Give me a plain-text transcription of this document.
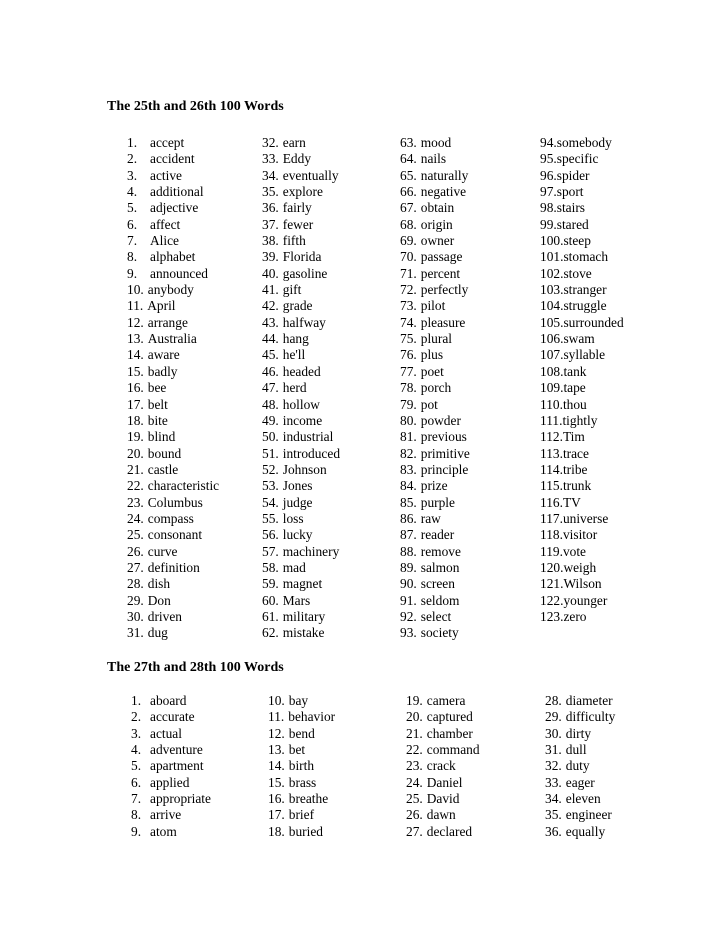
The 25th and 26th 100 Words
1. accept
2. accident
3. active
4. additional
5. adjective
6. affect
7. Alice
8. alphabet
9. announced
10. anybody
11. April
12. arrange
13. Australia
14. aware
15. badly
16. bee
17. belt
18. bite
19. blind
20. bound
21. castle
22. characteristic
23. Columbus
24. compass
25. consonant
26. curve
27. definition
28. dish
29. Don
30. driven
31. dug
32. earn
33. Eddy
34. eventually
35. explore
36. fairly
37. fewer
38. fifth
39. Florida
40. gasoline
41. gift
42. grade
43. halfway
44. hang
45. he'll
46. headed
47. herd
48. hollow
49. income
50. industrial
51. introduced
52. Johnson
53. Jones
54. judge
55. loss
56. lucky
57. machinery
58. mad
59. magnet
60. Mars
61. military
62. mistake
63. mood
64. nails
65. naturally
66. negative
67. obtain
68. origin
69. owner
70. passage
71. percent
72. perfectly
73. pilot
74. pleasure
75. plural
76. plus
77. poet
78. porch
79. pot
80. powder
81. previous
82. primitive
83. principle
84. prize
85. purple
86. raw
87. reader
88. remove
89. salmon
90. screen
91. seldom
92. select
93. society
94.somebody
95.specific
96.spider
97.sport
98.stairs
99.stared
100.steep
101.stomach
102.stove
103.stranger
104.struggle
105.surrounded
106.swam
107.syllable
108.tank
109.tape
110.thou
111.tightly
112.Tim
113.trace
114.tribe
115.trunk
116.TV
117.universe
118.visitor
119.vote
120.weigh
121.Wilson
122.younger
123.zero
The 27th and 28th 100 Words
1. aboard
2. accurate
3. actual
4. adventure
5. apartment
6. applied
7. appropriate
8. arrive
9. atom
10. bay
11. behavior
12. bend
13. bet
14. birth
15. brass
16. breathe
17. brief
18. buried
19. camera
20. captured
21. chamber
22. command
23. crack
24. Daniel
25. David
26. dawn
27. declared
28. diameter
29. difficulty
30. dirty
31. dull
32. duty
33. eager
34. eleven
35. engineer
36. equally
